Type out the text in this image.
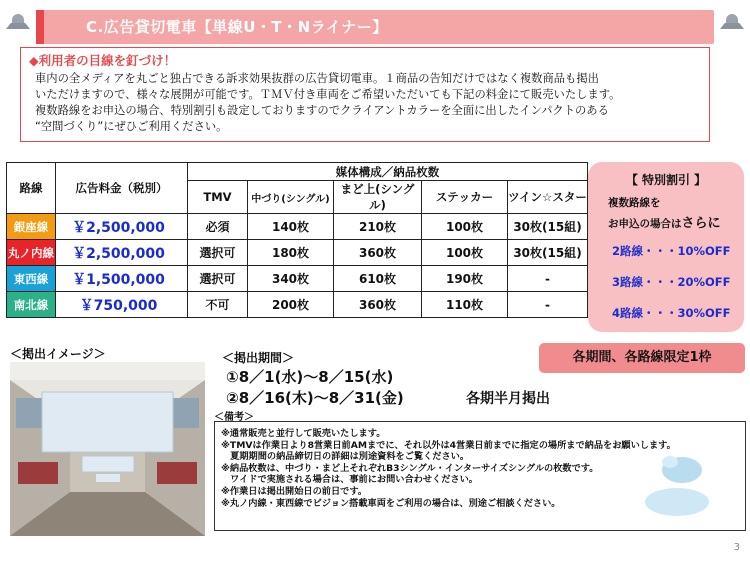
C.広告貸切電車【単線U・T・Nライナー】
◆利用者の目線を釘づけ！

車内の全メディアを丸ごと独占できる訴求効果抜群の広告貸切電車。１商品の告知だけではなく複数商品も掲出

いただけますので、様々な展開が可能です。ＴＭＶ付き車両をご希望いただいても下記の料金にて販売いたします。

複数路線をお申込の場合、特別割引も設定しておりますのでクライアントカラーを全面に出したインパクトのある

“空間づくり”にぜひご利用ください。

路線	広告料金（税別）	媒体構成／納品枚数				
		TMV	中づり(シングル)	まど上(シングル)	ステッカー	ツイン☆スター
銀座線	￥2,500,000	必須	140枚	210枚	100枚	30枚(15組)
丸ノ内線	￥2,500,000	選択可	180枚	360枚	100枚	30枚(15組)
東西線	￥1,500,000	選択可	340枚	610枚	190枚	-
南北線	￥750,000	不可	200枚	360枚	110枚	-
【 特別割引 】
複数路線を
お申込の場合はさらに
2路線・・・10%OFF
3路線・・・20%OFF
4路線・・・30%OFF
各期間、各路線限定1枠
＜掲出イメージ＞	＜掲出期間＞
①8／1(水)～8／15(水)
②8／16(木)～8／31(金)	各期半月掲出
＜備考＞

※通常販売と並行して販売いたします。

※TMVは作業日より8営業日前AMまでに、それ以外は4営業日前までに指定の場所まで納品をお願いします。

　夏期期間の納品締切日の詳細は別途資料をご覧ください。

※納品枚数は、中づり・まど上それぞれB3シングル・インターサイズシングルの枚数です。

　ワイドで実施される場合は、事前にお問い合わせください。

※作業日は掲出開始日の前日です。

※丸ノ内線・東西線でビジョン搭載車両をご利用の場合は、別途ご相談ください。

3
